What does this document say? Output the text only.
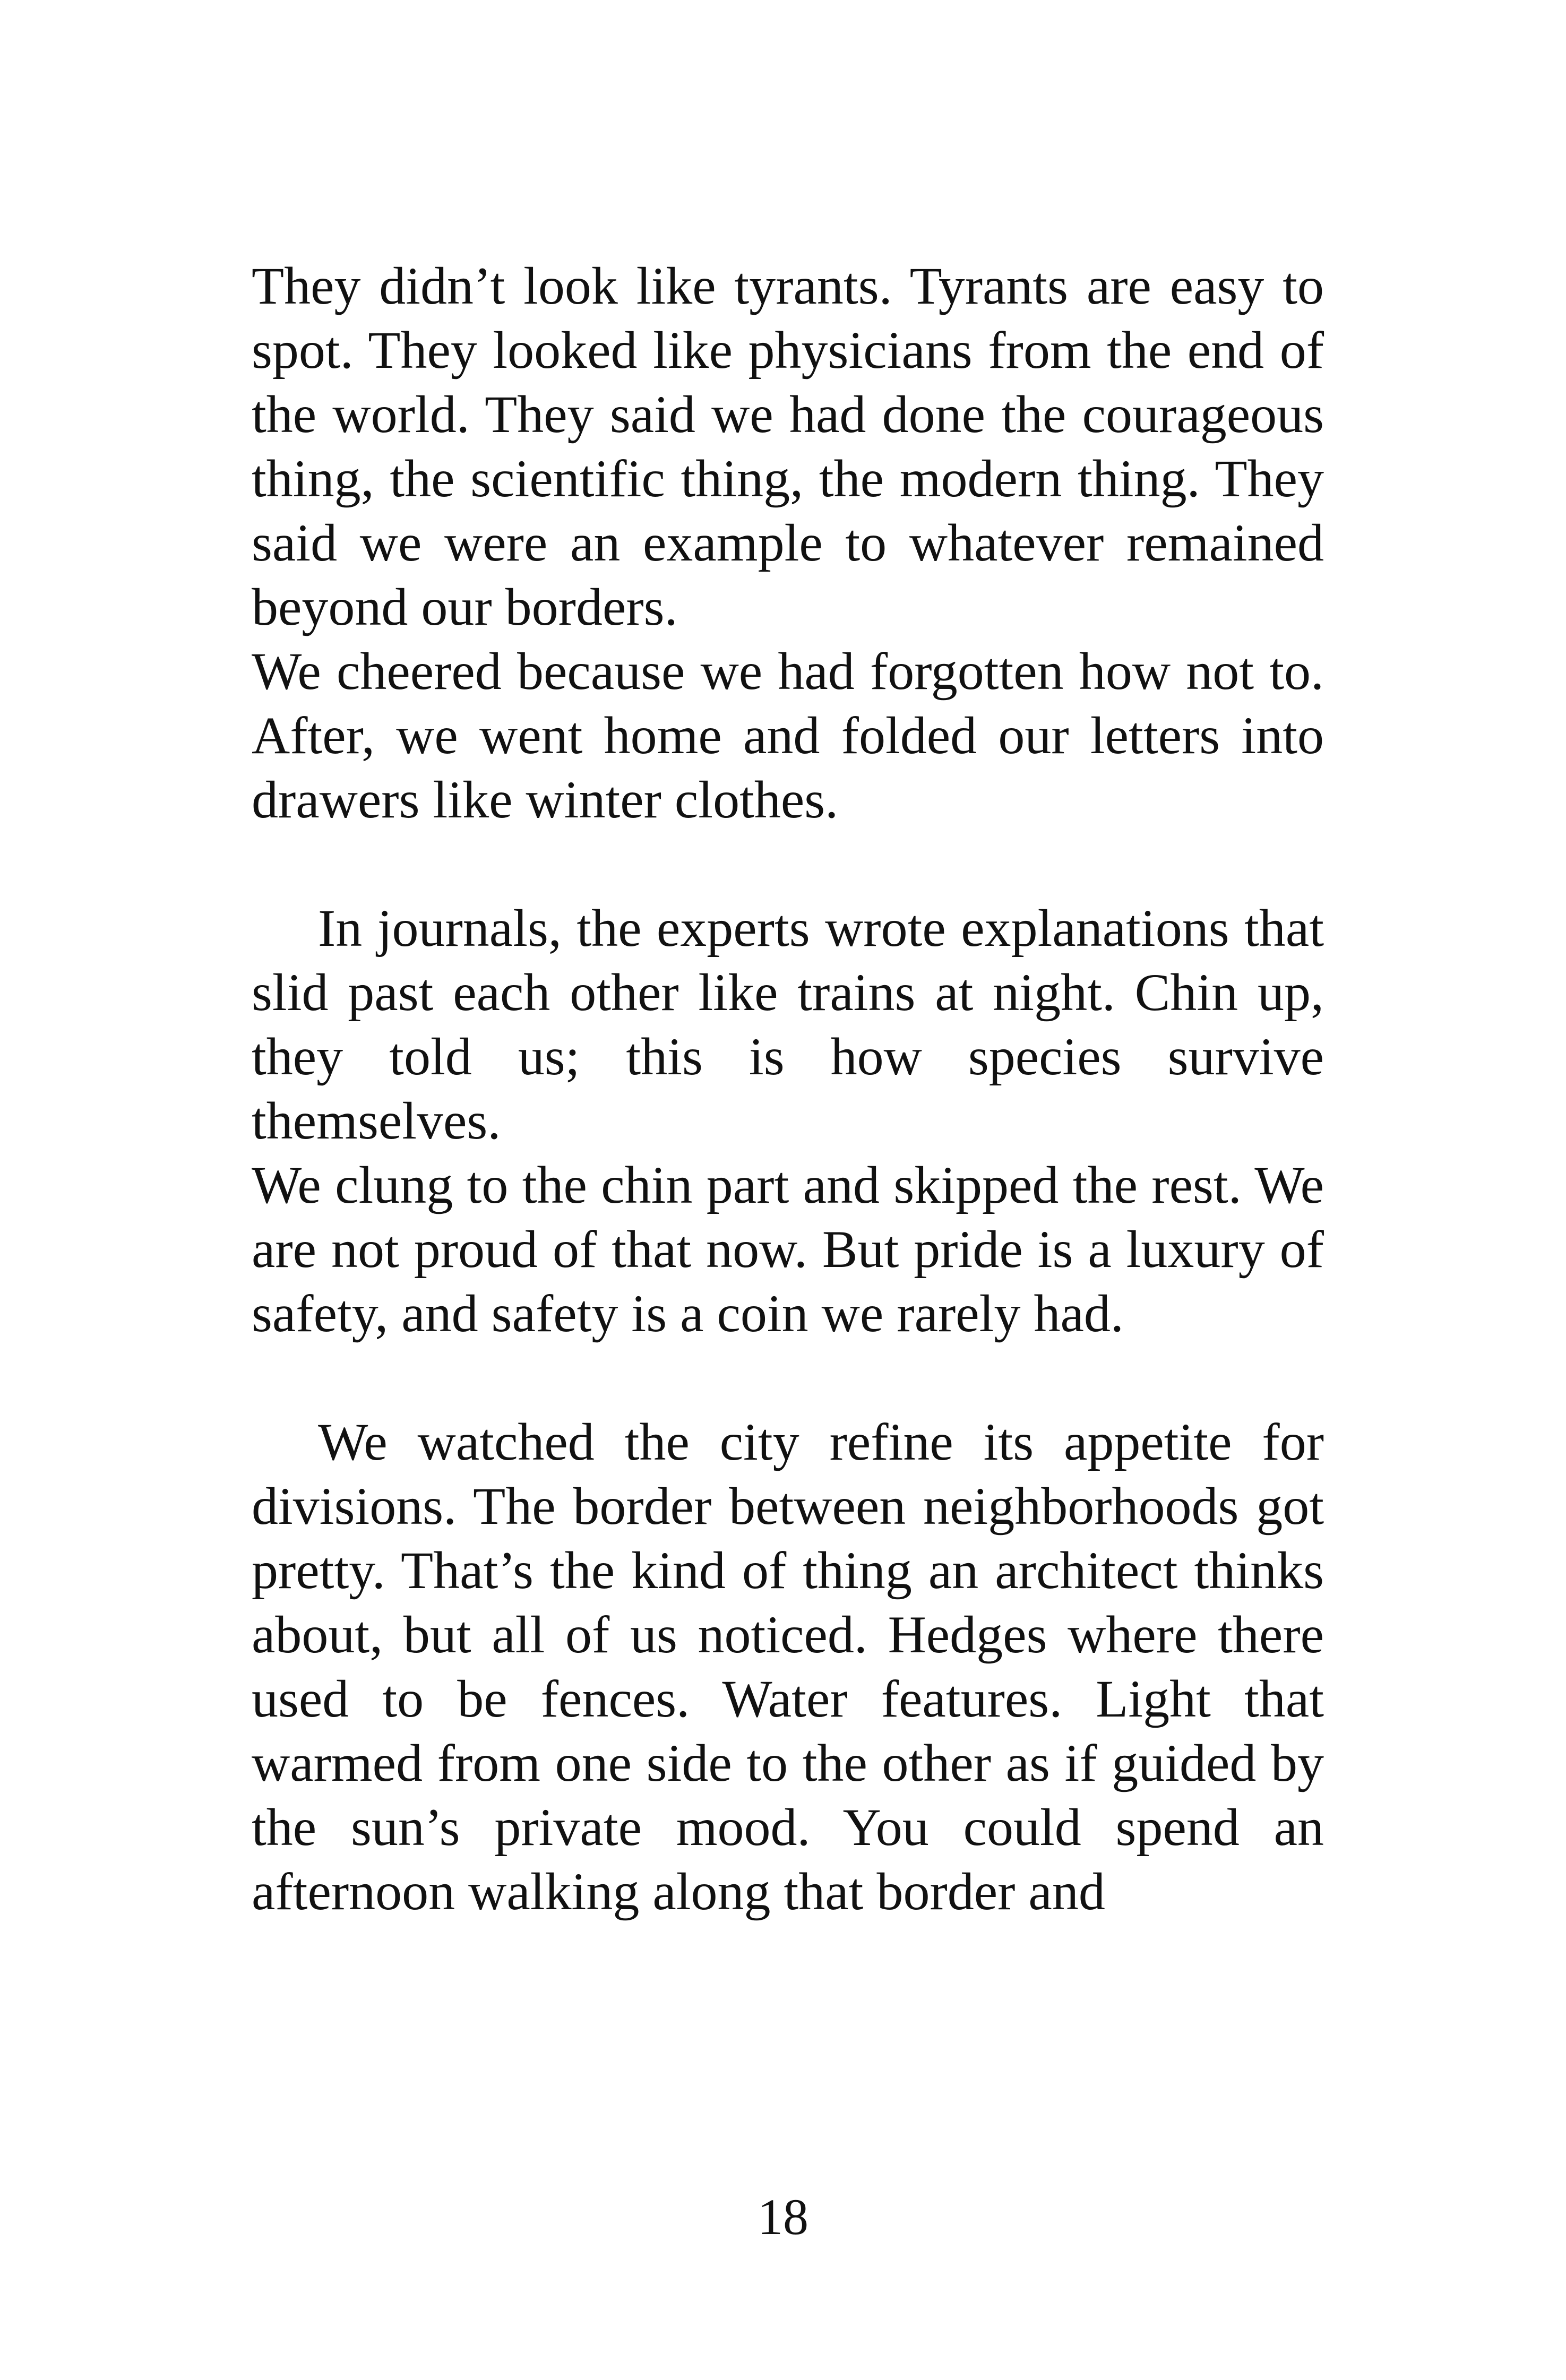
They didn’t look like tyrants. Tyrants are easy to spot. They looked like physicians from the end of the world. They said we had done the courageous thing, the scientific thing, the modern thing. They said we were an example to whatever remained beyond our borders.

We cheered because we had forgotten how not to. After, we went home and folded our letters into drawers like winter clothes.

In journals, the experts wrote explanations that slid past each other like trains at night. Chin up, they told us; this is how species survive themselves.

We clung to the chin part and skipped the rest. We are not proud of that now. But pride is a luxury of safety, and safety is a coin we rarely had.

We watched the city refine its appetite for divisions. The border between neighborhoods got pretty. That’s the kind of thing an architect thinks about, but all of us noticed. Hedges where there used to be fences. Water features. Light that warmed from one side to the other as if guided by the sun’s private mood. You could spend an afternoon walking along that border and

18
